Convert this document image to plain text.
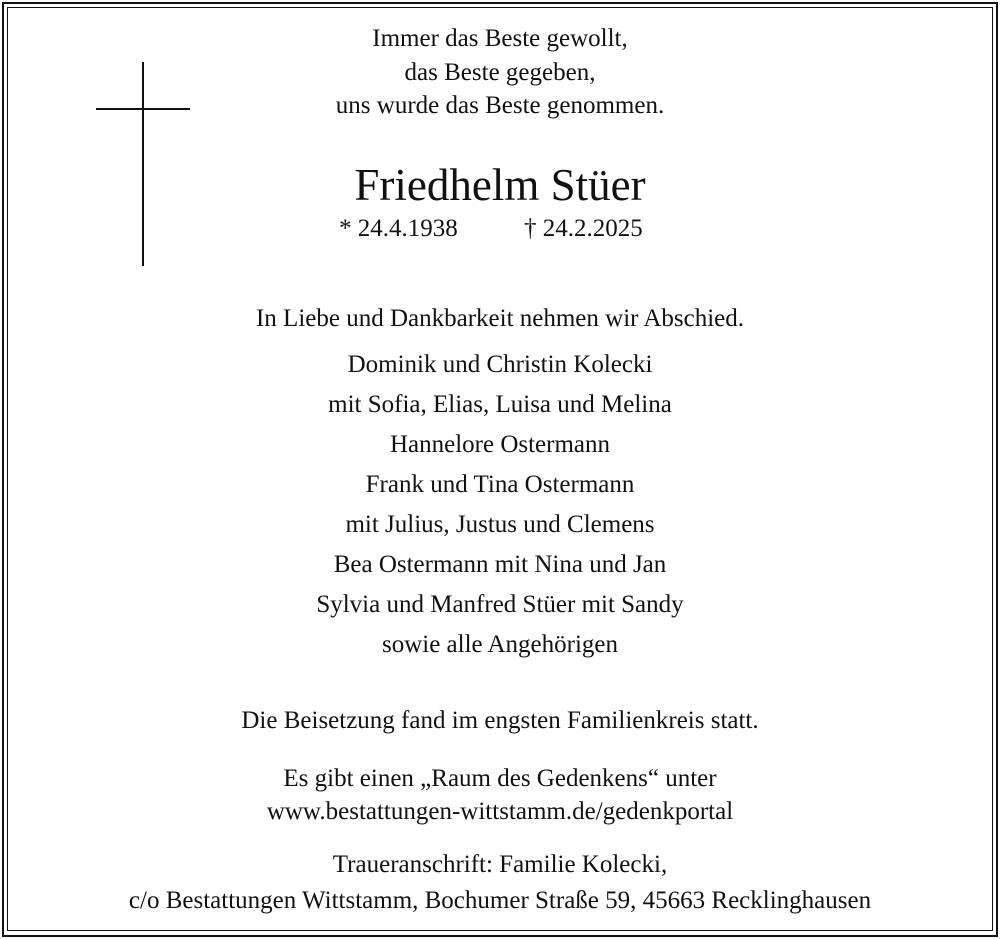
Immer das Beste gewollt,
das Beste gegeben,
uns wurde das Beste genommen.
Friedhelm Stüer
* 24.4.1938	† 24.2.2025
In Liebe und Dankbarkeit nehmen wir Abschied.
Dominik und Christin Kolecki
mit Sofia, Elias, Luisa und Melina
Hannelore Ostermann
Frank und Tina Ostermann
mit Julius, Justus und Clemens
Bea Ostermann mit Nina und Jan
Sylvia und Manfred Stüer mit Sandy
sowie alle Angehörigen
Die Beisetzung fand im engsten Familienkreis statt.
Es gibt einen „Raum des Gedenkens“ unter
www.bestattungen-wittstamm.de/gedenkportal
Traueranschrift: Familie Kolecki,
c/o Bestattungen Wittstamm, Bochumer Straße 59, 45663 Recklinghausen
